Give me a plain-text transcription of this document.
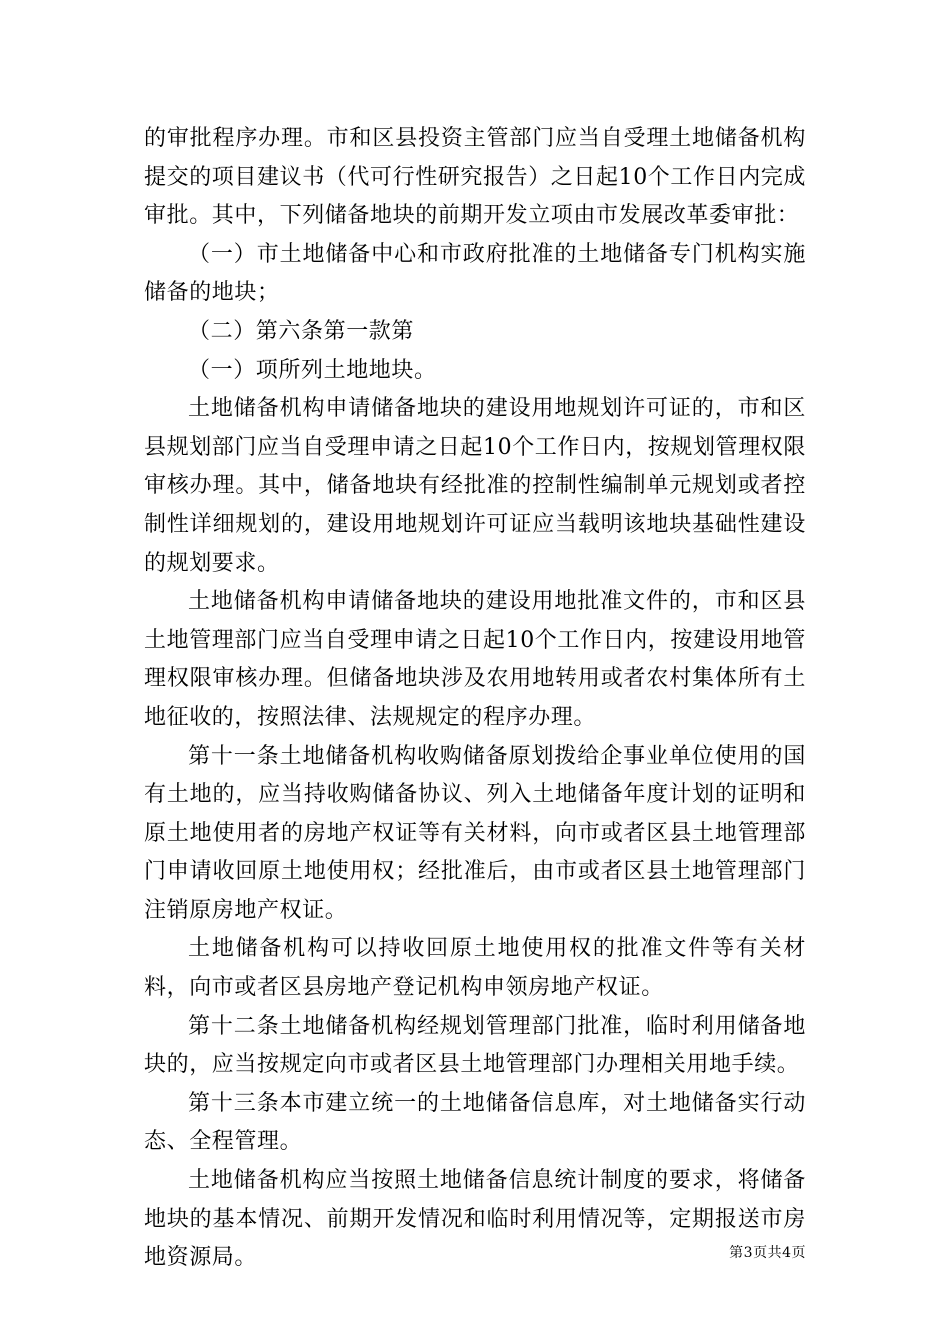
的审批程序办理。市和区县投资主管部门应当自受理土地储备机构提交的项目建议书（代可行性研究报告）之日起10个工作日内完成审批。其中，下列储备地块的前期开发立项由市发展改革委审批：

（一）市土地储备中心和市政府批准的土地储备专门机构实施储备的地块；

（二）第六条第一款第

（一）项所列土地地块。

土地储备机构申请储备地块的建设用地规划许可证的，市和区县规划部门应当自受理申请之日起10个工作日内，按规划管理权限审核办理。其中，储备地块有经批准的控制性编制单元规划或者控制性详细规划的，建设用地规划许可证应当载明该地块基础性建设的规划要求。

土地储备机构申请储备地块的建设用地批准文件的，市和区县土地管理部门应当自受理申请之日起10个工作日内，按建设用地管理权限审核办理。但储备地块涉及农用地转用或者农村集体所有土地征收的，按照法律、法规规定的程序办理。

第十一条土地储备机构收购储备原划拨给企事业单位使用的国有土地的，应当持收购储备协议、列入土地储备年度计划的证明和原土地使用者的房地产权证等有关材料，向市或者区县土地管理部门申请收回原土地使用权；经批准后，由市或者区县土地管理部门注销原房地产权证。

土地储备机构可以持收回原土地使用权的批准文件等有关材料，向市或者区县房地产登记机构申领房地产权证。

第十二条土地储备机构经规划管理部门批准，临时利用储备地块的，应当按规定向市或者区县土地管理部门办理相关用地手续。

第十三条本市建立统一的土地储备信息库，对土地储备实行动态、全程管理。

土地储备机构应当按照土地储备信息统计制度的要求，将储备地块的基本情况、前期开发情况和临时利用情况等，定期报送市房地资源局。	第3页共4页
